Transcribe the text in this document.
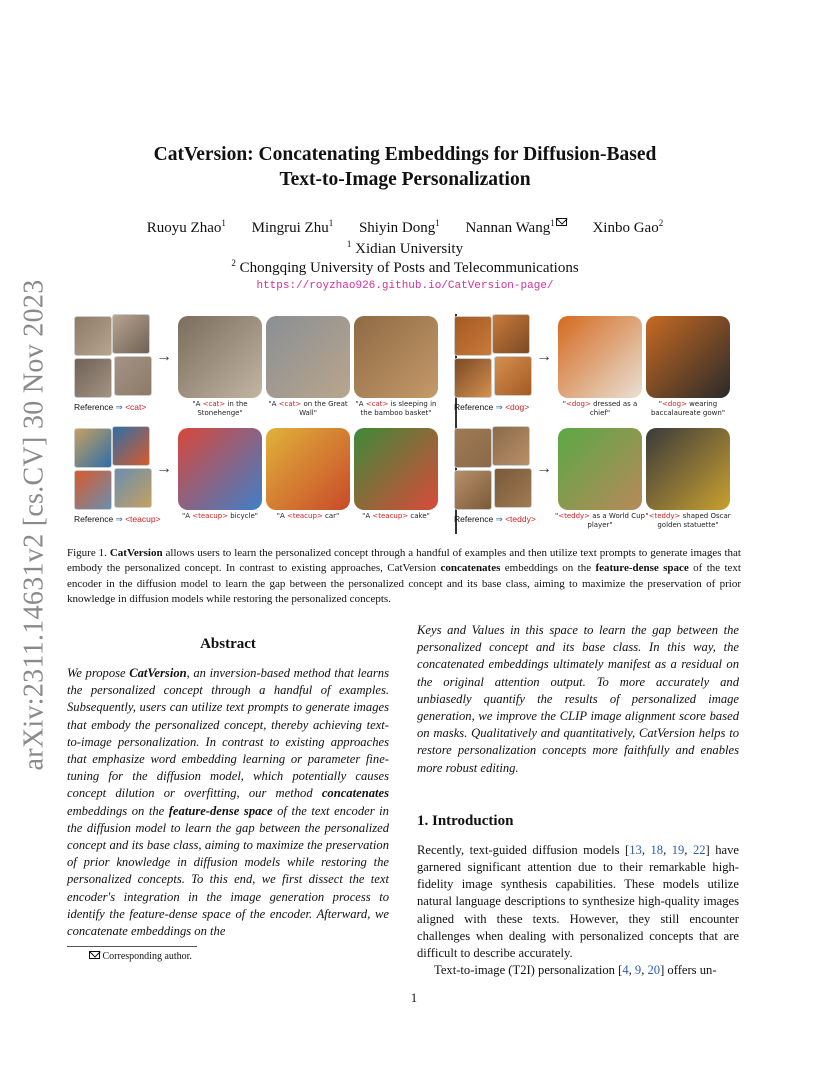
arXiv:2311.14631v2 [cs.CV] 30 Nov 2023
CatVersion: Concatenating Embeddings for Diffusion-Based
Text-to-Image Personalization
Ruoyu Zhao$^1$ Mingrui Zhu$^1$ Shiyin Dong$^1$ Nannan Wang$^1$	Xinbo Gao$^2$
$^1$ Xidian University
$^2$ Chongqing University of Posts and Telecommunications
https://royzhao926.github.io/CatVersion-page/
→
Reference ⇒ <cat>	"A <cat> in the Stonehenge"
"A <cat> on the Great Wall"
"A <cat> is sleeping in the bamboo basket"
→
Reference ⇒ <dog>	"<dog> dressed as a chief"
"<dog> wearing baccalaureate gown"
→
Reference ⇒ <teacup>	"A <teacup> bicycle"	"A <teacup> car"	"A <teacup> cake"
→
Reference ⇒ <teddy>	"<teddy> as a World Cup player"
"<teddy> shaped Oscar golden statuette"
Figure 1. CatVersion allows users to learn the personalized concept through a handful of examples and then utilize text prompts to generate images that embody the personalized concept. In contrast to existing approaches, CatVersion concatenates embeddings on the feature-dense space of the text encoder in the diffusion model to learn the gap between the personalized concept and its base class, aiming to maximize the preservation of prior knowledge in diffusion models while restoring the personalized concepts.
Abstract
We propose CatVersion, an inversion-based method that learns the personalized concept through a handful of examples. Subsequently, users can utilize text prompts to generate images that embody the personalized concept, thereby achieving text-to-image personalization. In contrast to existing approaches that emphasize word embedding learning or parameter fine-tuning for the diffusion model, which potentially causes concept dilution or overfitting, our method concatenates embeddings on the feature-dense space of the text encoder in the diffusion model to learn the gap between the personalized concept and its base class, aiming to maximize the preservation of prior knowledge in diffusion models while restoring the personalized concepts. To this end, we first dissect the text encoder's integration in the image generation process to identify the feature-dense space of the encoder. Afterward, we concatenate embeddings on the
Keys and Values in this space to learn the gap between the personalized concept and its base class. In this way, the concatenated embeddings ultimately manifest as a residual on the original attention output. To more accurately and unbiasedly quantify the results of personalized image generation, we improve the CLIP image alignment score based on masks. Qualitatively and quantitatively, CatVersion helps to restore personalization concepts more faithfully and enables more robust editing.
1. Introduction
Recently, text-guided diffusion models [13, 18, 19, 22] have garnered significant attention due to their remarkable high-fidelity image synthesis capabilities. These models utilize natural language descriptions to synthesize high-quality images aligned with these texts. However, they still encounter challenges when dealing with personalized concepts that are difficult to describe accurately.
Text-to-image (T2I) personalization [4, 9, 20] offers un-
Corresponding author.
1
